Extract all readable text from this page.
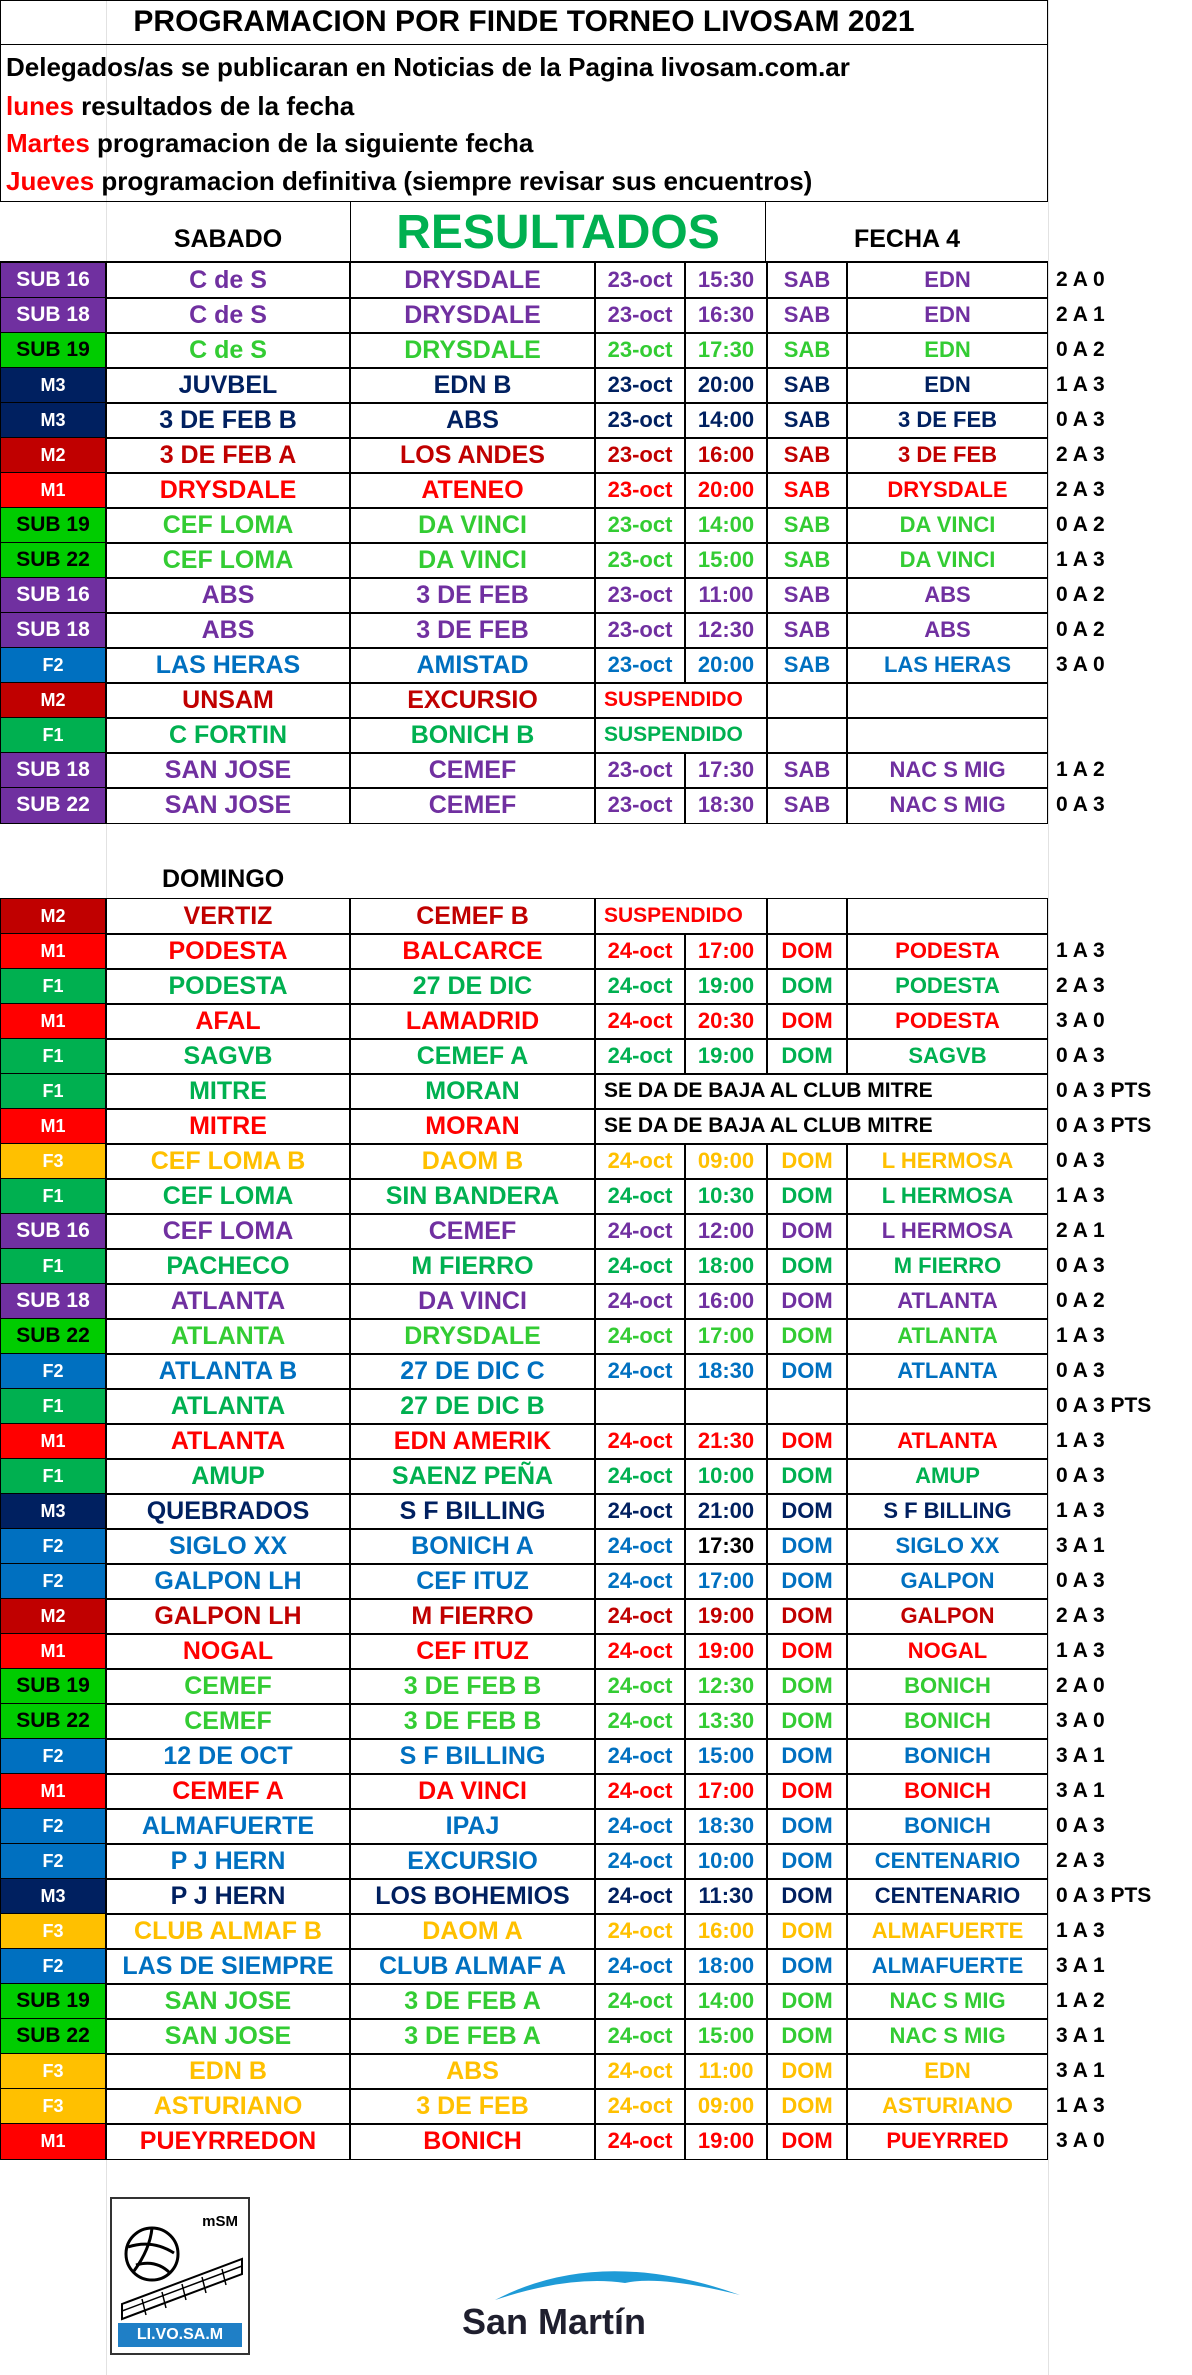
PROGRAMACION POR FINDE TORNEO LIVOSAM 2021
Delegados/as se publicaran en Noticias de la Pagina livosam.com.ar
lunes resultados de la fecha
Martes programacion de la siguiente fecha
Jueves programacion definitiva (siempre revisar sus encuentros)
SABADO	RESULTADOS	FECHA 4
SUB 16	C de S	DRYSDALE	23-oct	15:30	SAB	EDN	2 A 0
SUB 18	C de S	DRYSDALE	23-oct	16:30	SAB	EDN	2 A 1
SUB 19	C de S	DRYSDALE	23-oct	17:30	SAB	EDN	0 A 2
M3	JUVBEL	EDN B	23-oct	20:00	SAB	EDN	1 A 3
M3	3 DE FEB B	ABS	23-oct	14:00	SAB	3 DE FEB	0 A 3
M2	3 DE FEB A	LOS ANDES	23-oct	16:00	SAB	3 DE FEB	2 A 3
M1	DRYSDALE	ATENEO	23-oct	20:00	SAB	DRYSDALE	2 A 3
SUB 19	CEF LOMA	DA VINCI	23-oct	14:00	SAB	DA VINCI	0 A 2
SUB 22	CEF LOMA	DA VINCI	23-oct	15:00	SAB	DA VINCI	1 A 3
SUB 16	ABS	3 DE FEB	23-oct	11:00	SAB	ABS	0 A 2
SUB 18	ABS	3 DE FEB	23-oct	12:30	SAB	ABS	0 A 2
F2	LAS HERAS	AMISTAD	23-oct	20:00	SAB	LAS HERAS	3 A 0
M2	UNSAM	EXCURSIO	SUSPENDIDO
F1	C FORTIN	BONICH B	SUSPENDIDO
SUB 18	SAN JOSE	CEMEF	23-oct	17:30	SAB	NAC S MIG	1 A 2
SUB 22	SAN JOSE	CEMEF	23-oct	18:30	SAB	NAC S MIG	0 A 3
DOMINGO
M2	VERTIZ	CEMEF B	SUSPENDIDO
M1	PODESTA	BALCARCE	24-oct	17:00	DOM	PODESTA	1 A 3
F1	PODESTA	27 DE DIC	24-oct	19:00	DOM	PODESTA	2 A 3
M1	AFAL	LAMADRID	24-oct	20:30	DOM	PODESTA	3 A 0
F1	SAGVB	CEMEF A	24-oct	19:00	DOM	SAGVB	0 A 3
F1	MITRE	MORAN	SE DA DE BAJA AL CLUB MITRE	0 A 3 PTS
M1	MITRE	MORAN	SE DA DE BAJA AL CLUB MITRE	0 A 3 PTS
F3	CEF LOMA B	DAOM B	24-oct	09:00	DOM	L HERMOSA	0 A 3
F1	CEF LOMA	SIN BANDERA	24-oct	10:30	DOM	L HERMOSA	1 A 3
SUB 16	CEF LOMA	CEMEF	24-oct	12:00	DOM	L HERMOSA	2 A 1
F1	PACHECO	M FIERRO	24-oct	18:00	DOM	M FIERRO	0 A 3
SUB 18	ATLANTA	DA VINCI	24-oct	16:00	DOM	ATLANTA	0 A 2
SUB 22	ATLANTA	DRYSDALE	24-oct	17:00	DOM	ATLANTA	1 A 3
F2	ATLANTA B	27 DE DIC C	24-oct	18:30	DOM	ATLANTA	0 A 3
F1	ATLANTA	27 DE DIC B	0 A 3 PTS
M1	ATLANTA	EDN AMERIK	24-oct	21:30	DOM	ATLANTA	1 A 3
F1	AMUP	SAENZ PEÑA	24-oct	10:00	DOM	AMUP	0 A 3
M3	QUEBRADOS	S F BILLING	24-oct	21:00	DOM	S F BILLING	1 A 3
F2	SIGLO XX	BONICH A	24-oct	17:30	DOM	SIGLO XX	3 A 1
F2	GALPON LH	CEF ITUZ	24-oct	17:00	DOM	GALPON	0 A 3
M2	GALPON LH	M FIERRO	24-oct	19:00	DOM	GALPON	2 A 3
M1	NOGAL	CEF ITUZ	24-oct	19:00	DOM	NOGAL	1 A 3
SUB 19	CEMEF	3 DE FEB B	24-oct	12:30	DOM	BONICH	2 A 0
SUB 22	CEMEF	3 DE FEB B	24-oct	13:30	DOM	BONICH	3 A 0
F2	12 DE OCT	S F BILLING	24-oct	15:00	DOM	BONICH	3 A 1
M1	CEMEF A	DA VINCI	24-oct	17:00	DOM	BONICH	3 A 1
F2	ALMAFUERTE	IPAJ	24-oct	18:30	DOM	BONICH	0 A 3
F2	P J HERN	EXCURSIO	24-oct	10:00	DOM	CENTENARIO	2 A 3
M3	P J HERN	LOS BOHEMIOS	24-oct	11:30	DOM	CENTENARIO	0 A 3 PTS
F3	CLUB ALMAF B	DAOM A	24-oct	16:00	DOM	ALMAFUERTE	1 A 3
F2	LAS DE SIEMPRE	CLUB ALMAF A	24-oct	18:00	DOM	ALMAFUERTE	3 A 1
SUB 19	SAN JOSE	3 DE FEB A	24-oct	14:00	DOM	NAC S MIG	1 A 2
SUB 22	SAN JOSE	3 DE FEB A	24-oct	15:00	DOM	NAC S MIG	3 A 1
F3	EDN B	ABS	24-oct	11:00	DOM	EDN	3 A 1
F3	ASTURIANO	3 DE FEB	24-oct	09:00	DOM	ASTURIANO	1 A 3
M1	PUEYRREDON	BONICH	24-oct	19:00	DOM	PUEYRRED	3 A 0
mSM
LI.VO.SA.M	San Martín
